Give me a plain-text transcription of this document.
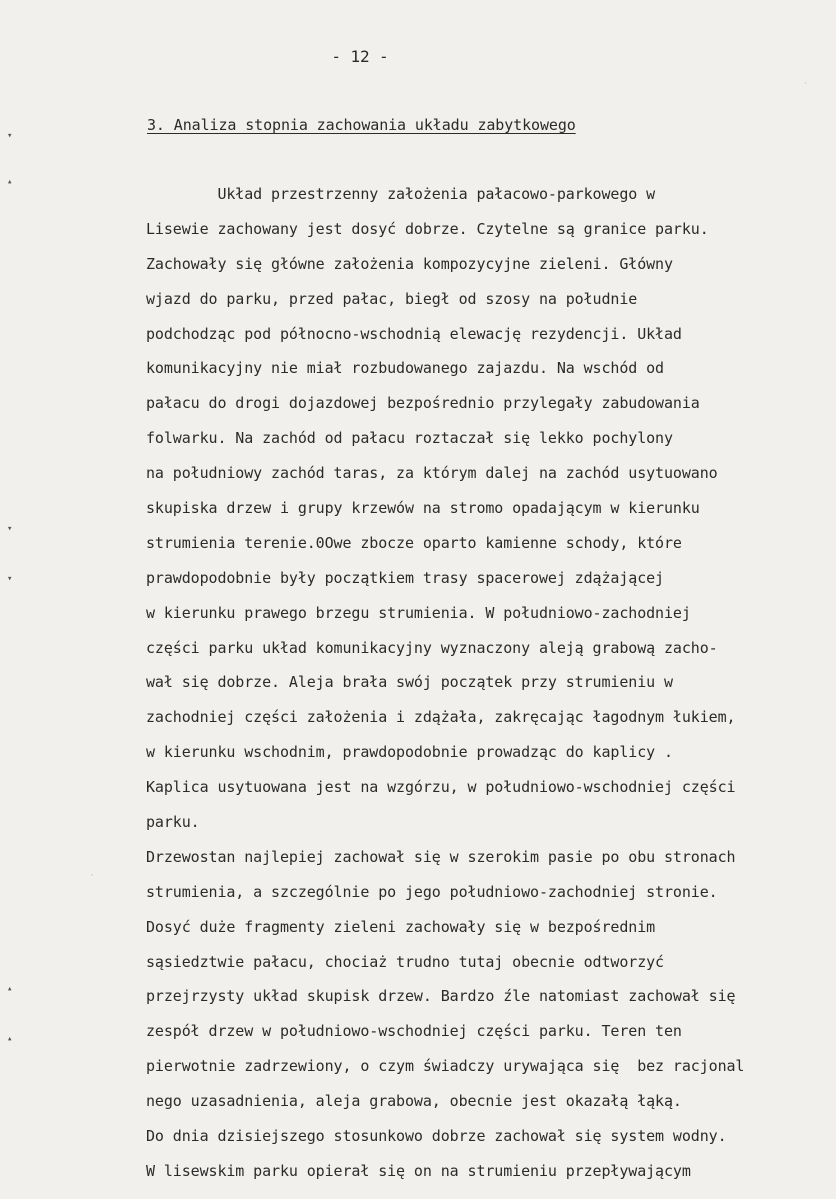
▾
▴
▾
▾
▴
▴
`
·
- 12 -
3. Analiza stopnia zachowania układu zabytkowego
Układ przestrzenny założenia pałacowo-parkowego w
Lisewie zachowany jest dosyć dobrze. Czytelne są granice parku.
Zachowały się główne założenia kompozycyjne zieleni. Główny
wjazd do parku, przed pałac, biegł od szosy na południe
podchodząc pod północno-wschodnią elewację rezydencji. Układ
komunikacyjny nie miał rozbudowanego zajazdu. Na wschód od
pałacu do drogi dojazdowej bezpośrednio przylegały zabudowania
folwarku. Na zachód od pałacu roztaczał się lekko pochylony
na południowy zachód taras, za którym dalej na zachód usytuowano
skupiska drzew i grupy krzewów na stromo opadającym w kierunku
strumienia terenie.0Owe zbocze oparto kamienne schody, które
prawdopodobnie były początkiem trasy spacerowej zdążającej
w kierunku prawego brzegu strumienia. W południowo-zachodniej
części parku układ komunikacyjny wyznaczony aleją grabową zacho-
wał się dobrze. Aleja brała swój początek przy strumieniu w
zachodniej części założenia i zdążała, zakręcając łagodnym łukiem,
w kierunku wschodnim, prawdopodobnie prowadząc do kaplicy .
Kaplica usytuowana jest na wzgórzu, w południowo-wschodniej części
parku.
Drzewostan najlepiej zachował się w szerokim pasie po obu stronach
strumienia, a szczególnie po jego południowo-zachodniej stronie.
Dosyć duże fragmenty zieleni zachowały się w bezpośrednim
sąsiedztwie pałacu, chociaż trudno tutaj obecnie odtworzyć
przejrzysty układ skupisk drzew. Bardzo źle natomiast zachował się
zespół drzew w południowo-wschodniej części parku. Teren ten
pierwotnie zadrzewiony, o czym świadczy urywająca się  bez racjonal
nego uzasadnienia, aleja grabowa, obecnie jest okazałą łąką.
Do dnia dzisiejszego stosunkowo dobrze zachował się system wodny.
W lisewskim parku opierał się on na strumieniu przepływającym
